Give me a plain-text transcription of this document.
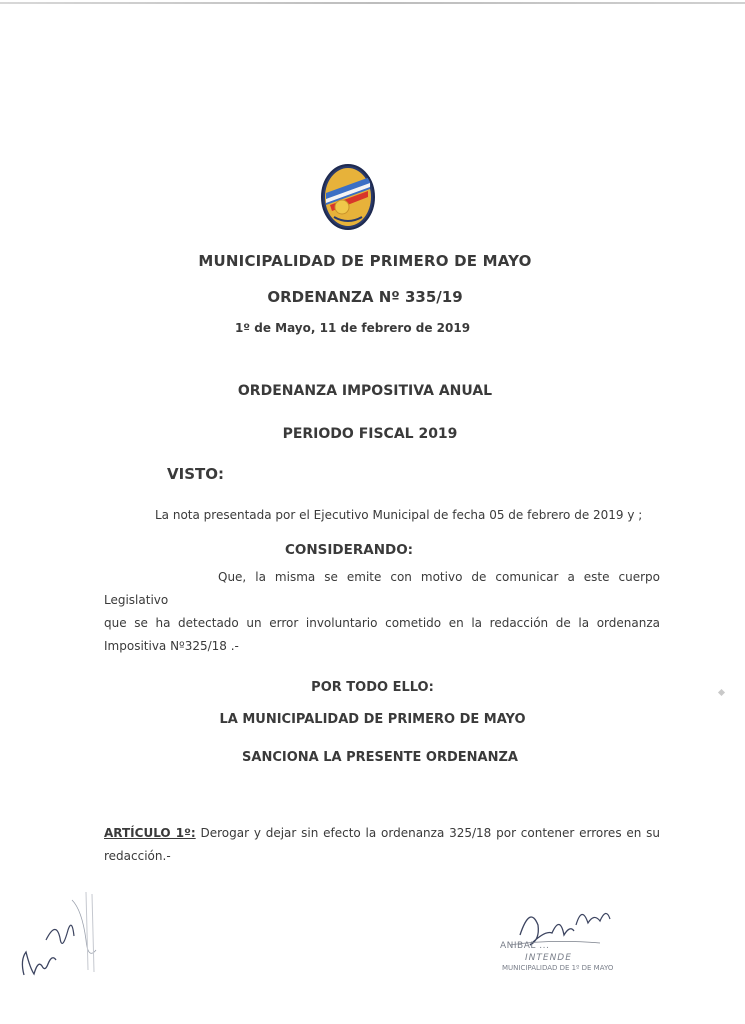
MUNICIPALIDAD DE PRIMERO DE MAYO
ORDENANZA Nº 335/19
1º de Mayo, 11 de febrero de 2019
ORDENANZA IMPOSITIVA ANUAL
PERIODO FISCAL 2019
VISTO:
La nota presentada por el Ejecutivo Municipal de fecha 05 de febrero de 2019 y ;
CONSIDERANDO:
Que, la misma se emite con motivo de comunicar a este cuerpo Legislativo
que se ha detectado un error involuntario cometido en la redacción de la ordenanza Impositiva Nº325/18 .-
POR TODO ELLO:
LA MUNICIPALIDAD DE PRIMERO DE MAYO
SANCIONA LA PRESENTE ORDENANZA
ARTÍCULO 1º: Derogar y dejar sin efecto la ordenanza 325/18 por contener errores en su redacción.-
ANIBAL ...
INTENDE
MUNICIPALIDAD DE 1º DE MAYO
